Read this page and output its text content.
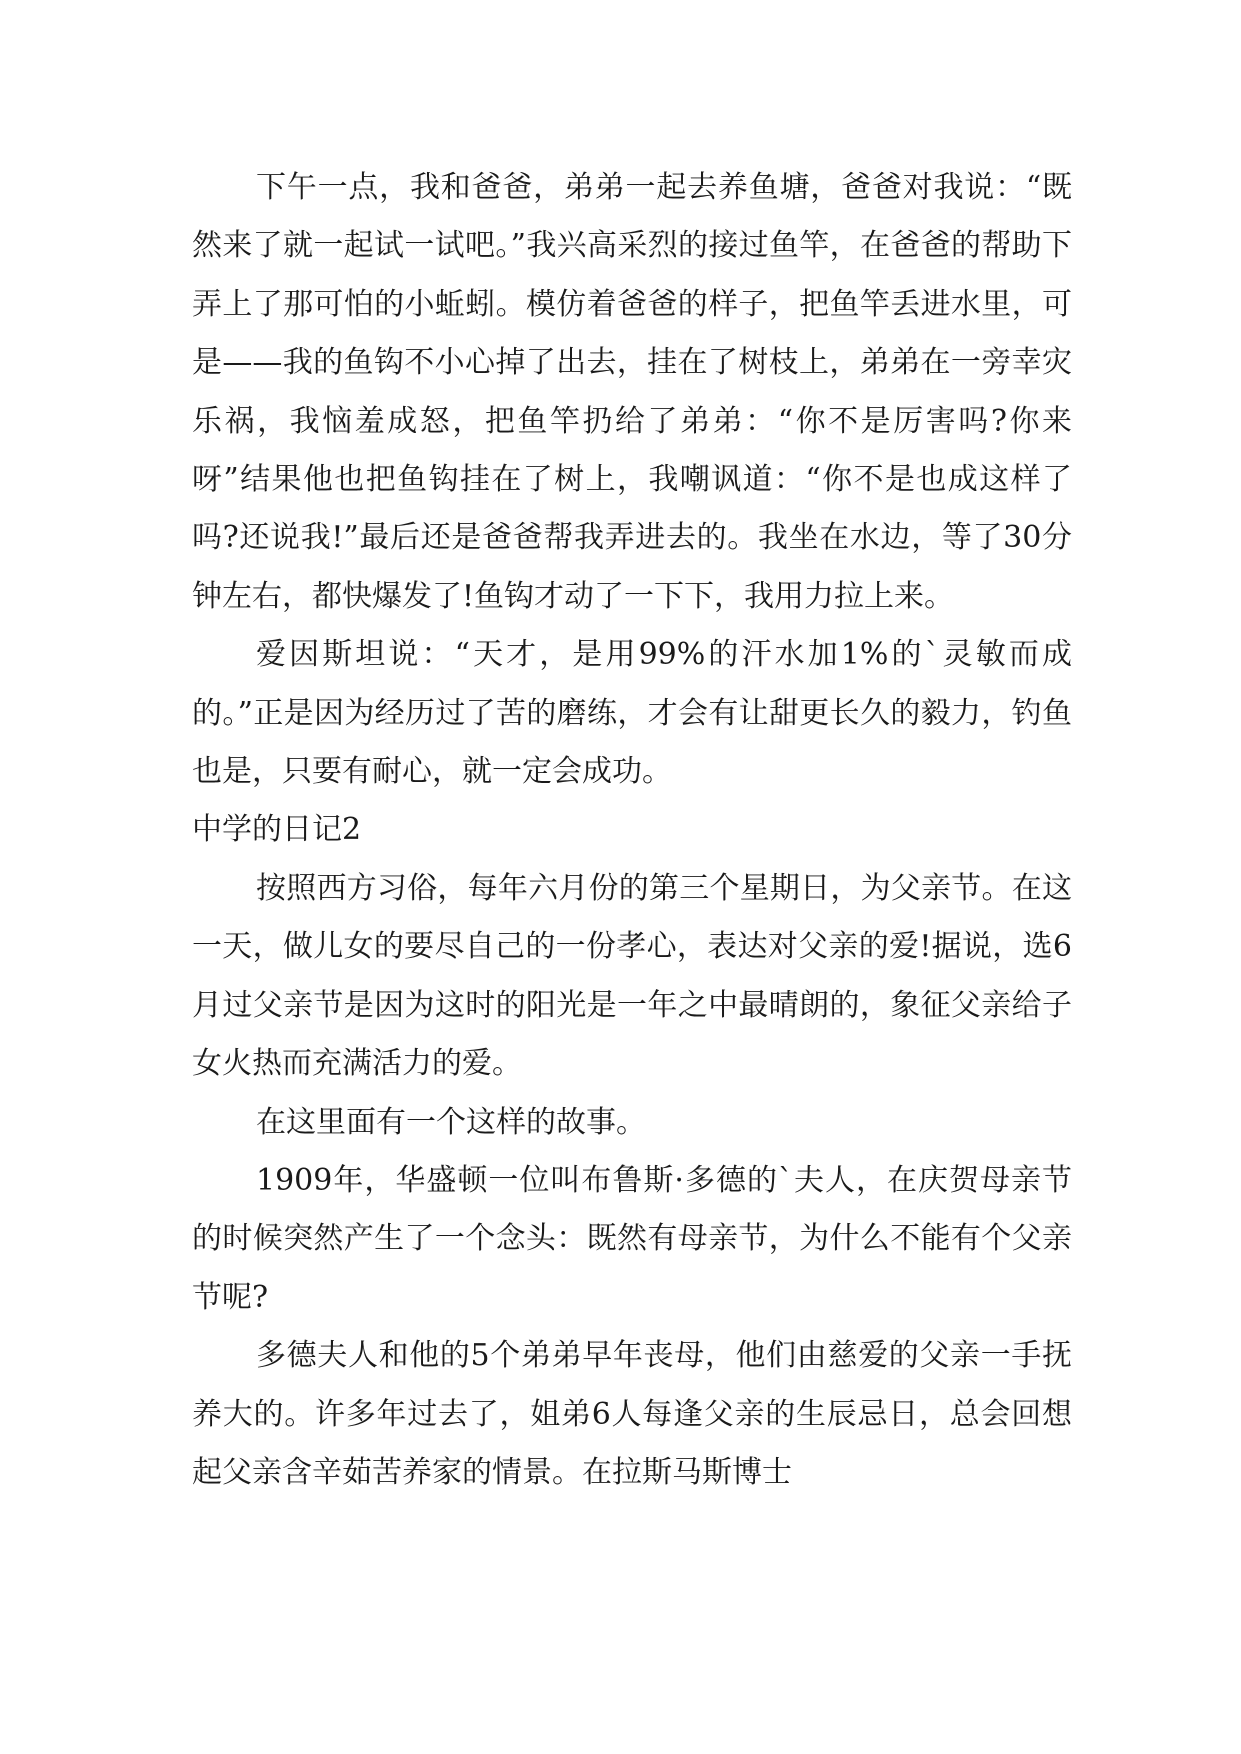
下午一点，我和爸爸，弟弟一起去养鱼塘，爸爸对我说：“既然来了就一起试一试吧。”我兴高采烈的接过鱼竿，在爸爸的帮助下弄上了那可怕的小蚯蚓。模仿着爸爸的样子，把鱼竿丢进水里，可是——我的鱼钩不小心掉了出去，挂在了树枝上，弟弟在一旁幸灾乐祸，我恼羞成怒，把鱼竿扔给了弟弟：“你不是厉害吗?你来呀”结果他也把鱼钩挂在了树上，我嘲讽道：“你不是也成这样了吗?还说我!”最后还是爸爸帮我弄进去的。我坐在水边，等了30分钟左右，都快爆发了!鱼钩才动了一下下，我用力拉上来。

爱因斯坦说：“天才，是用99%的汗水加1%的`灵敏而成的。”正是因为经历过了苦的磨练，才会有让甜更长久的毅力，钓鱼也是，只要有耐心，就一定会成功。

中学的日记2

按照西方习俗，每年六月份的第三个星期日，为父亲节。在这一天，做儿女的要尽自己的一份孝心，表达对父亲的爱!据说，选6月过父亲节是因为这时的阳光是一年之中最晴朗的，象征父亲给子女火热而充满活力的爱。

在这里面有一个这样的故事。

1909年，华盛顿一位叫布鲁斯·多德的`夫人，在庆贺母亲节的时候突然产生了一个念头：既然有母亲节，为什么不能有个父亲节呢?

多德夫人和他的5个弟弟早年丧母，他们由慈爱的父亲一手抚养大的。许多年过去了，姐弟6人每逢父亲的生辰忌日，总会回想起父亲含辛茹苦养家的情景。在拉斯马斯博士
